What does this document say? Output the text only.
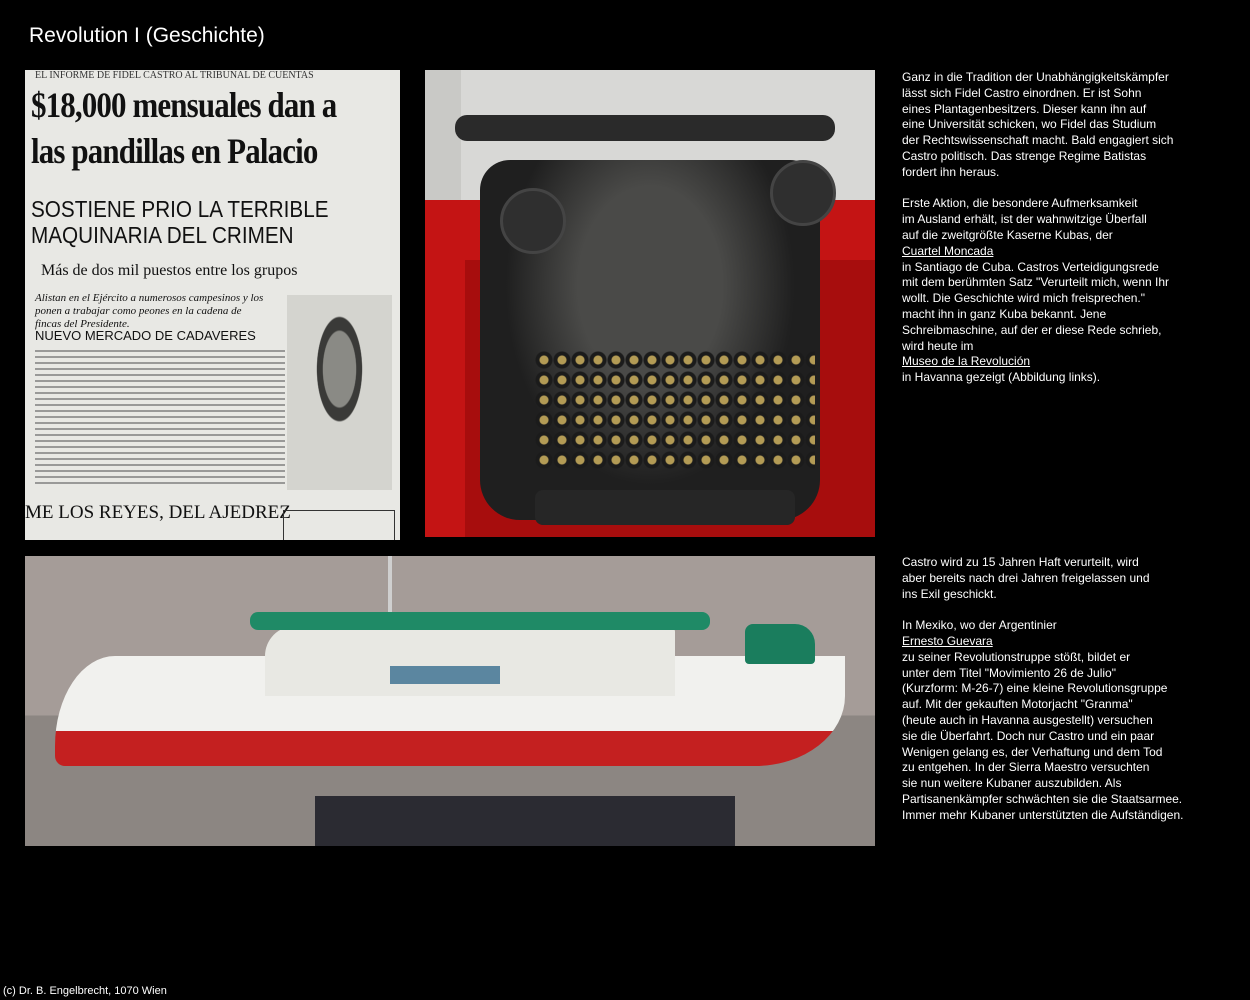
Revolution I (Geschichte)
EL INFORME DE FIDEL CASTRO AL TRIBUNAL DE CUENTAS
$18,000 mensuales dan a
las pandillas en Palacio
SOSTIENE PRIO LA TERRIBLE
MAQUINARIA DEL CRIMEN
Más de dos mil puestos entre los grupos
Alistan en el Ejército a numerosos campesinos y los ponen a trabajar como peones en la cadena de fincas del Presidente.
NUEVO MERCADO DE CADAVERES
ME LOS REYES, DEL AJEDREZ
Ganz in die Tradition der Unabhängigkeitskämpfer
lässt sich Fidel Castro einordnen. Er ist Sohn
eines Plantagenbesitzers. Dieser kann ihn auf
eine Universität schicken, wo Fidel das Studium
der Rechtswissenschaft macht. Bald engagiert sich
Castro politisch. Das strenge Regime Batistas
fordert ihn heraus.
Erste Aktion, die besondere Aufmerksamkeit
im Ausland erhält, ist der wahnwitzige Überfall
auf die zweitgrößte Kaserne Kubas, der
Cuartel Moncada
in Santiago de Cuba. Castros Verteidigungsrede
mit dem berühmten Satz "Verurteilt mich, wenn Ihr
wollt. Die Geschichte wird mich freisprechen."
macht ihn in ganz Kuba bekannt. Jene
Schreibmaschine, auf der er diese Rede schrieb,
wird heute im
Museo de la Revolución
in Havanna gezeigt (Abbildung links).
Castro wird zu 15 Jahren Haft verurteilt, wird
aber bereits nach drei Jahren freigelassen und
ins Exil geschickt.
In Mexiko, wo der Argentinier
Ernesto Guevara
zu seiner Revolutionstruppe stößt, bildet er
unter dem Titel "Movimiento 26 de Julio"
(Kurzform: M-26-7) eine kleine Revolutionsgruppe
auf. Mit der gekauften Motorjacht "Granma"
(heute auch in Havanna ausgestellt) versuchen
sie die Überfahrt. Doch nur Castro und ein paar
Wenigen gelang es, der Verhaftung und dem Tod
zu entgehen. In der Sierra Maestro versuchten
sie nun weitere Kubaner auszubilden. Als
Partisanenkämpfer schwächten sie die Staatsarmee.
Immer mehr Kubaner unterstützten die Aufständigen.
(c) Dr. B. Engelbrecht, 1070 Wien
